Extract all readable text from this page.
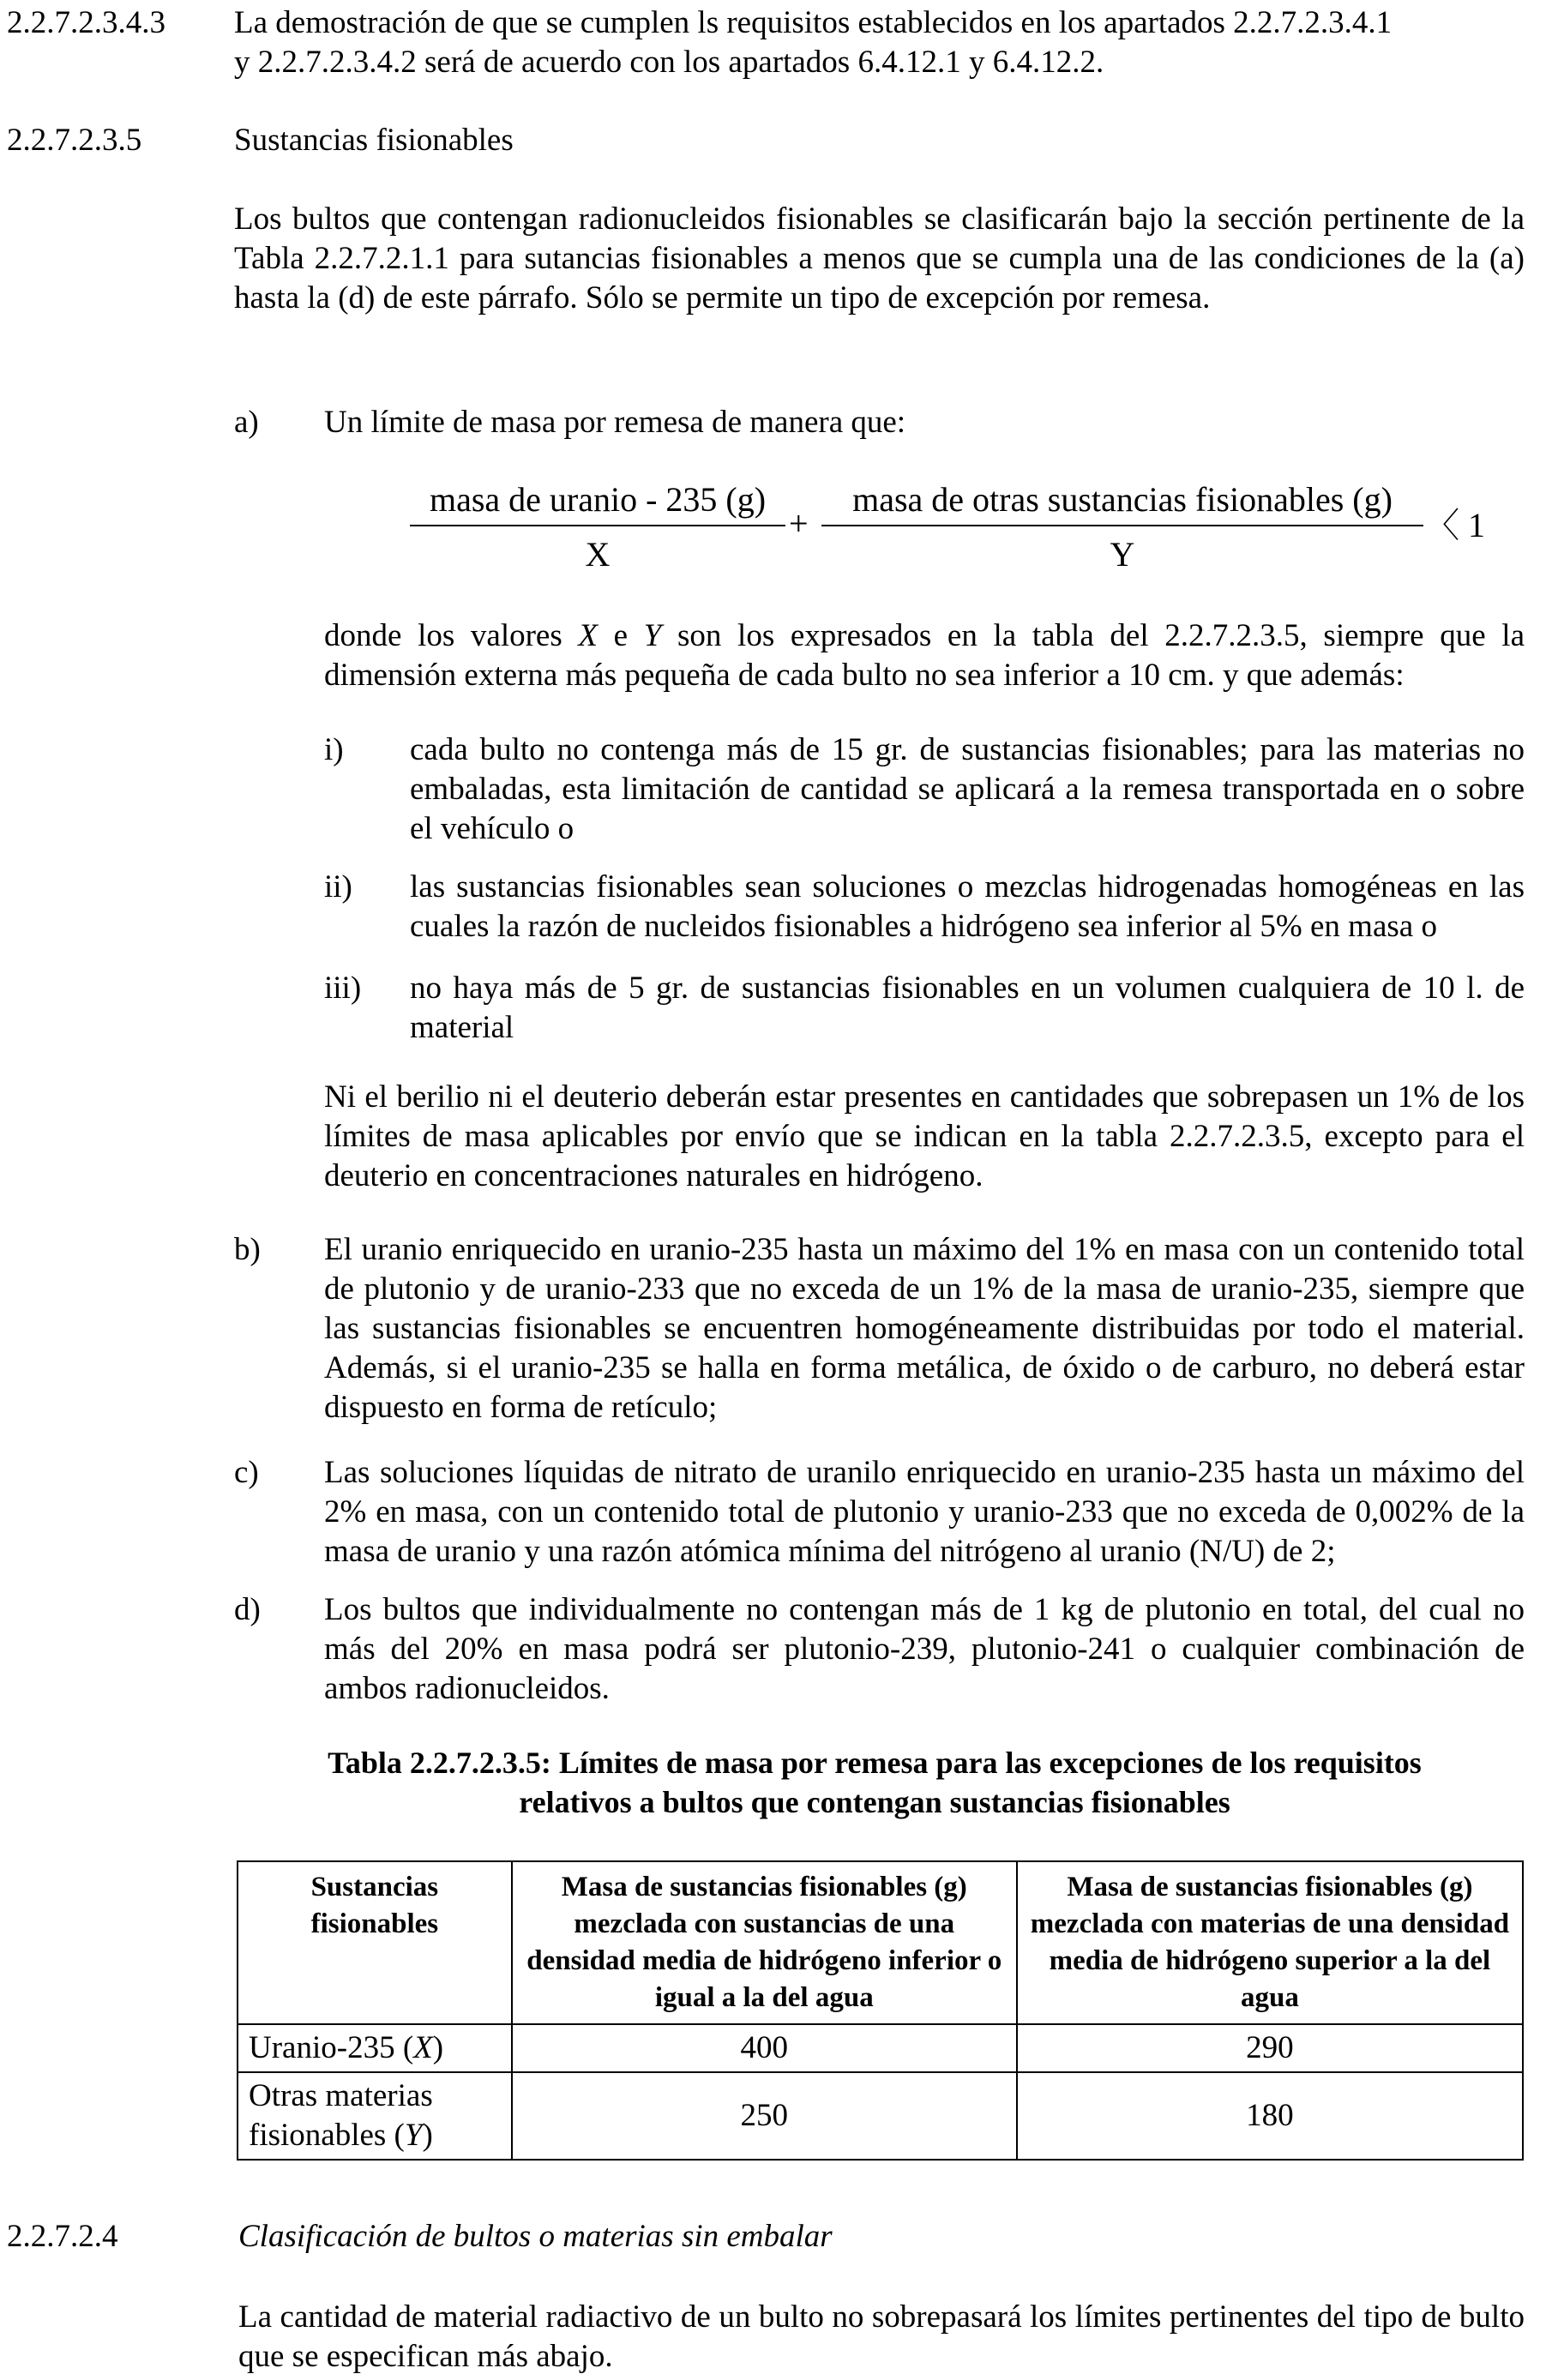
2.2.7.2.3.4.3 La demostración de que se cumplen ls requisitos establecidos en los apartados 2.2.7.2.3.4.1
y 2.2.7.2.3.4.2 será de acuerdo con los apartados 6.4.12.1 y 6.4.12.2.
2.2.7.2.3.5	Sustancias fisionables
Los bultos que contengan radionucleidos fisionables se clasificarán bajo la sección pertinente de la Tabla 2.2.7.2.1.1 para sutancias fisionables a menos que se cumpla una de las condiciones de la (a) hasta la (d) de este párrafo. Sólo se permite un tipo de excepción por remesa.
a) Un límite de masa por remesa de manera que:
masa de uranio - 235 (g)
X
+
masa de otras sustancias fisionables (g)
Y
〈 1
donde los valores X e Y son los expresados en la tabla del 2.2.7.2.3.5, siempre que la dimensión externa más pequeña de cada bulto no sea inferior a 10 cm. y que además:
i) cada bulto no contenga más de 15 gr. de sustancias fisionables; para las materias no embaladas, esta limitación de cantidad se aplicará a la remesa transportada en o sobre el vehículo o
ii) las sustancias fisionables sean soluciones o mezclas hidrogenadas homogéneas en las cuales la razón de nucleidos fisionables a hidrógeno sea inferior al 5% en masa o
iii) no haya más de 5 gr. de sustancias fisionables en un volumen cualquiera de 10 l. de material
Ni el berilio ni el deuterio deberán estar presentes en cantidades que sobrepasen un 1% de los límites de masa aplicables por envío que se indican en la tabla 2.2.7.2.3.5, excepto para el deuterio en concentraciones naturales en hidrógeno.
b) El uranio enriquecido en uranio-235 hasta un máximo del 1% en masa con un contenido total de plutonio y de uranio-233 que no exceda de un 1% de la masa de uranio-235, siempre que las sustancias fisionables se encuentren homogéneamente distribuidas por todo el material. Además, si el uranio-235 se halla en forma metálica, de óxido o de carburo, no deberá estar dispuesto en forma de retículo;
c) Las soluciones líquidas de nitrato de uranilo enriquecido en uranio-235 hasta un máximo del 2% en masa, con un contenido total de plutonio y uranio-233 que no exceda de 0,002% de la masa de uranio y una razón atómica mínima del nitrógeno al uranio (N/U) de 2;
d) Los bultos que individualmente no contengan más de 1 kg de plutonio en total, del cual no más del 20% en masa podrá ser plutonio-239, plutonio-241 o cualquier combinación de ambos radionucleidos.
Tabla 2.2.7.2.3.5: Límites de masa por remesa para las excepciones de los requisitos
relativos a bultos que contengan sustancias fisionables
Sustancias fisionables	Masa de sustancias fisionables (g) mezclada con sustancias de una densidad media de hidrógeno inferior o igual a la del agua	Masa de sustancias fisionables (g) mezclada con materias de una densidad media de hidrógeno superior a la del agua
Uranio-235 (X)	400	290
Otras materias fisionables (Y)	250	180
2.2.7.2.4	Clasificación de bultos o materias sin embalar
La cantidad de material radiactivo de un bulto no sobrepasará los límites pertinentes del tipo de bulto que se especifican más abajo.
